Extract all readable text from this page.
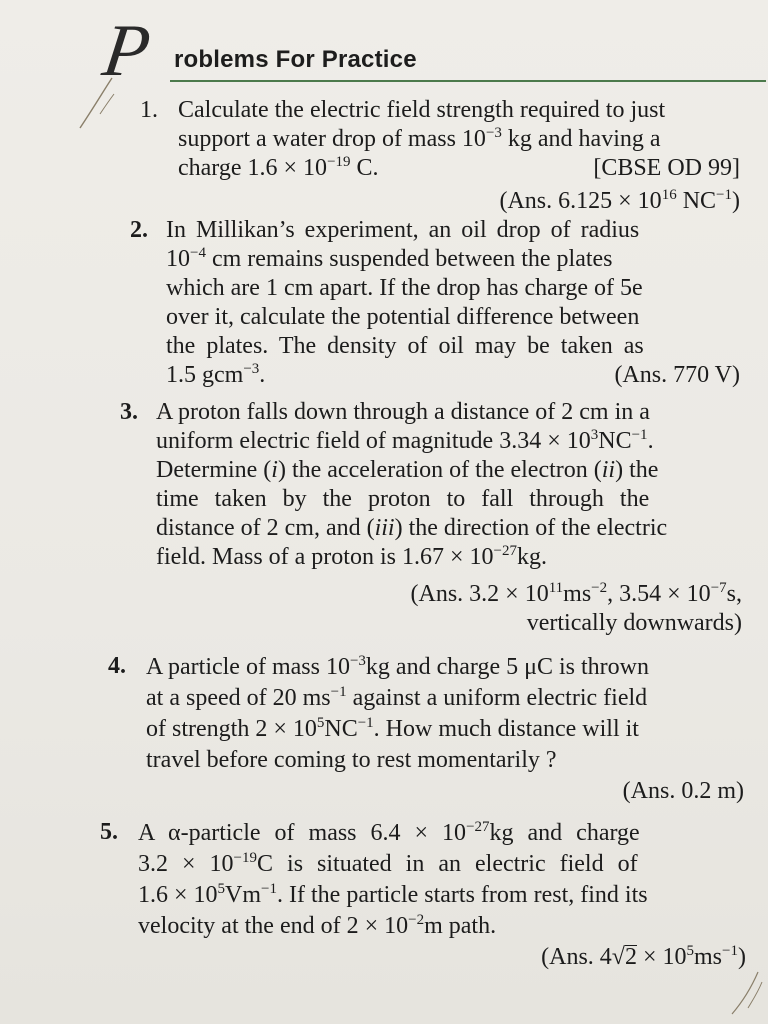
P roblems For Practice
1. Calculate the electric field strength required to just
support a water drop of mass $10^{-3}$ kg and having a
charge $1.6 \times 10^{-19}$ C.	[CBSE OD 99]
(Ans. $6.125 \times 10^{16}$ $NC^{-1}$)
2. In Millikan’s experiment, an oil drop of radius
$10^{-4}$ cm remains suspended between the plates
which are 1 cm apart. If the drop has charge of 5e
over it, calculate the potential difference between
the plates. The density of oil may be taken as
1.5 gcm$^{-3}$.	(Ans. 770 V)
3. A proton falls down through a distance of 2 cm in a
uniform electric field of magnitude $3.34 \times 10^3NC^{-1}$.
Determine (i) the acceleration of the electron (ii) the
time taken by the proton to fall through the
distance of 2 cm, and (iii) the direction of the electric
field. Mass of a proton is $1.67 \times 10^{-27}kg$.
(Ans. $3.2 \times 10^{11}ms^{-2}$, $3.54 \times 10^{-7}s$,
vertically downwards)
4. A particle of mass $10^{-3}kg$ and charge 5 μC is thrown
at a speed of 20 $ms^{-1}$ against a uniform electric field
of strength $2 \times 10^5NC^{-1}$. How much distance will it
travel before coming to rest momentarily ?
(Ans. 0.2 m)
5. A α-particle of mass $6.4 \times 10^{-27}kg$ and charge
$3.2 \times 10^{-19}C$ is situated in an electric field of
$1.6 \times 10^5Vm^{-1}$. If the particle starts from rest, find its
velocity at the end of $2 \times 10^{-2}m$ path.
(Ans. $4√2 \times 10^5ms^{-1}$)
